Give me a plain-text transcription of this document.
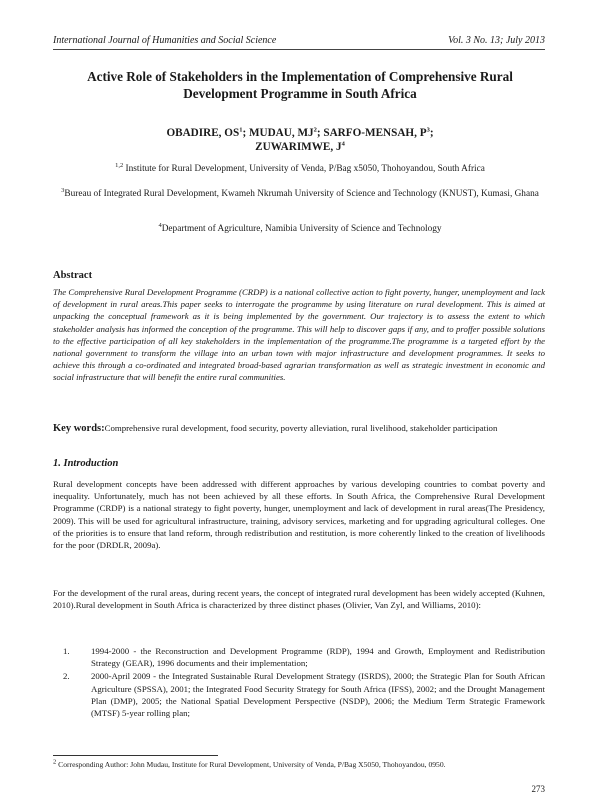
International Journal of Humanities and Social Science	Vol. 3 No. 13; July 2013
Active Role of Stakeholders in the Implementation of Comprehensive Rural
Development Programme in South Africa
OBADIRE, $OS^1$; MUDAU, $MJ^2$; SARFO-MENSAH, $P^3$;
ZUWARIMWE, $J^4$
$^{1,2}$ Institute for Rural Development, University of Venda, P/Bag x5050, Thohoyandou, South Africa
$^3$Bureau of Integrated Rural Development, Kwameh Nkrumah University of Science and Technology (KNUST), Kumasi, Ghana
$^4$Department of Agriculture, Namibia University of Science and Technology
Abstract
The Comprehensive Rural Development Programme (CRDP) is a national collective action to fight poverty, hunger, unemployment and lack of development in rural areas.This paper seeks to interrogate the programme by using literature on rural development. This is aimed at unpacking the conceptual framework as it is being implemented by the government. Our trajectory is to assess the extent to which stakeholder analysis has informed the conception of the programme. This will help to discover gaps if any, and to proffer possible solutions to the effective participation of all key stakeholders in the implementation of the programme.The programme is a targeted effort by the national government to transform the village into an urban town with major infrastructure and development programmes. It seeks to achieve this through a co-ordinated and integrated broad-based agrarian transformation as well as strategic investment in economic and social infrastructure that will benefit the entire rural communities.
Key words:Comprehensive rural development, food security, poverty alleviation, rural livelihood, stakeholder participation
1. Introduction
Rural development concepts have been addressed with different approaches by various developing countries to combat poverty and inequality. Unfortunately, much has not been achieved by all these efforts. In South Africa, the Comprehensive Rural Development Programme (CRDP) is a national strategy to fight poverty, hunger, unemployment and lack of development in rural areas(The Presidency, 2009). This will be used for agricultural infrastructure, training, advisory services, marketing and for upgrading agricultural colleges. One of the priorities is to ensure that land reform, through redistribution and restitution, is more coherently linked to the creation of livelihoods for the poor (DRDLR, 2009a).
For the development of the rural areas, during recent years, the concept of integrated rural development has been widely accepted (Kuhnen, 2010).Rural development in South Africa is characterized by three distinct phases (Olivier, Van Zyl, and Williams, 2010):
1.	1994-2000 - the Reconstruction and Development Programme (RDP), 1994 and Growth, Employment and Redistribution Strategy (GEAR), 1996 documents and their implementation;
2.	2000-April 2009 - the Integrated Sustainable Rural Development Strategy (ISRDS), 2000; the Strategic Plan for South African Agriculture (SPSSA), 2001; the Integrated Food Security Strategy for South Africa (IFSS), 2002; and the Drought Management Plan (DMP), 2005; the National Spatial Development Perspective (NSDP), 2006; the Medium Term Strategic Framework (MTSF) 5-year rolling plan;
$^2$ Corresponding Author: John Mudau, Institute for Rural Development, University of Venda, P/Bag X5050, Thohoyandou, 0950.
273
